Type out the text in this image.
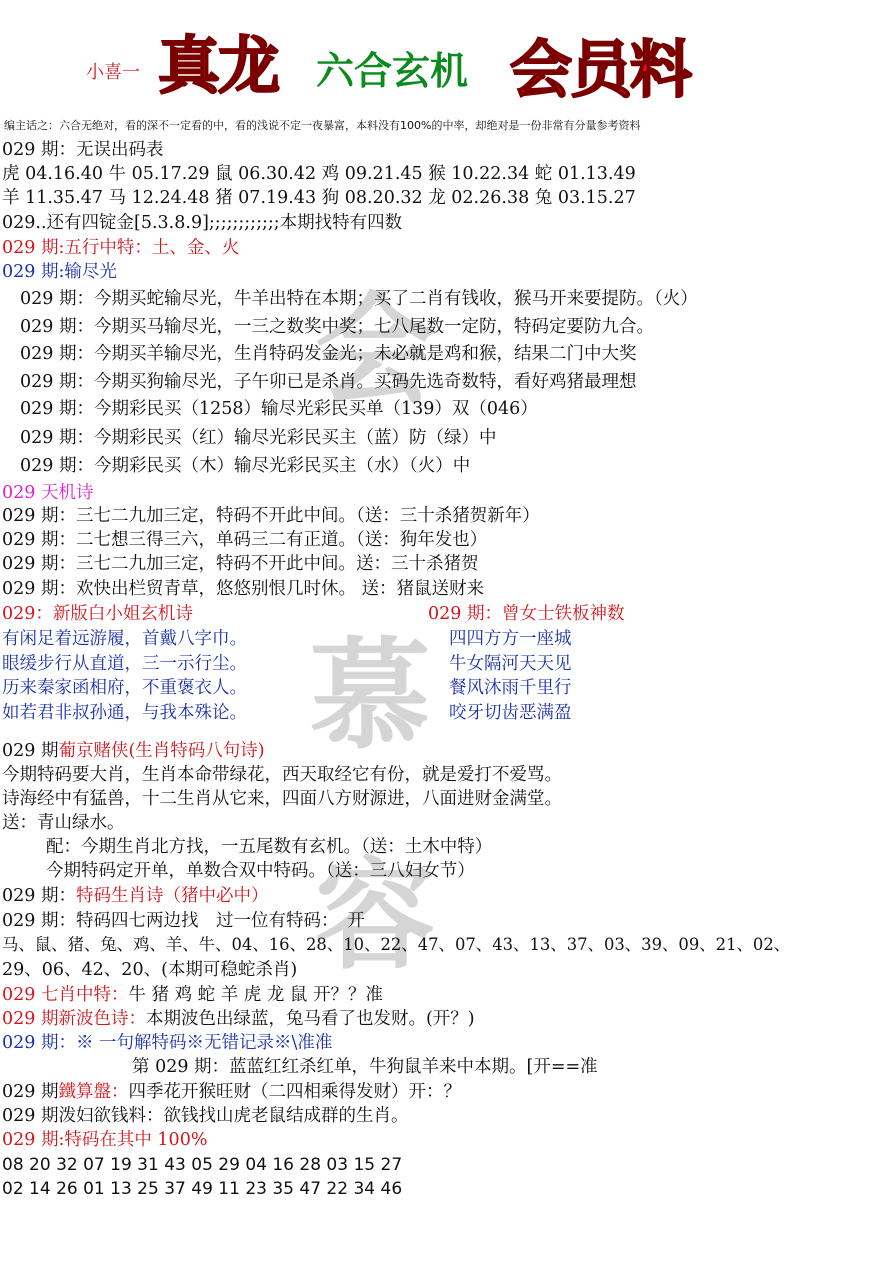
会
慕
容
小喜一 真龙 六合玄机 会员料
编主话之：六合无绝对，看的深不一定看的中，看的浅说不定一夜暴富，本料没有100%的中率，却绝对是一份非常有分量参考资料
029 期：无误出码表
虎 04.16.40 牛 05.17.29 鼠 06.30.42 鸡 09.21.45 猴 10.22.34 蛇 01.13.49
羊 11.35.47 马 12.24.48 猪 07.19.43 狗 08.20.32 龙 02.26.38 兔 03.15.27
029..还有四锭金[5.3.8.9];;;;;;;;;;;;本期找特有四数
029 期:五行中特：土、金、火
029 期:输尽光
029 期：今期买蛇输尽光，牛羊出特在本期；买了二肖有钱收，猴马开来要提防。（火）
029 期：今期买马输尽光，一三之数奖中奖；七八尾数一定防，特码定要防九合。
029 期：今期买羊输尽光，生肖特码发金光；未必就是鸡和猴，结果二门中大奖
029 期：今期买狗输尽光，子午卯已是杀肖。买码先选奇数特，看好鸡猪最理想
029 期：今期彩民买（1258）输尽光彩民买单（139）双（046）
029 期：今期彩民买（红）输尽光彩民买主（蓝）防（绿）中
029 期：今期彩民买（木）输尽光彩民买主（水）（火）中
029 天机诗
029 期：三七二九加三定，特码不开此中间。（送：三十杀猪贺新年）
029 期：二七想三得三六，单码三二有正道。（送：狗年发也）
029 期：三七二九加三定，特码不开此中间。送：三十杀猪贺
029 期：欢快出栏贸青草，悠悠别恨几时休。 送：猪鼠送财来
029：新版白小姐玄机诗	029 期：曾女士铁板神数
有闲足着远游履，首戴八字巾。
眼缓步行从直道，三一示行尘。
历来秦家函相府，不重褒衣人。
如若君非叔孙通，与我本殊论。
四四方方一座城
牛女隔河天天见
餐风沐雨千里行
咬牙切齿恶满盈
029 期葡京赌侠(生肖特码八句诗)
今期特码要大肖，生肖本命带绿花，西天取经它有份，就是爱打不爱骂。
诗海经中有猛兽，十二生肖从它来，四面八方财源进，八面进财金满堂。
送：青山绿水。
配：今期生肖北方找，一五尾数有玄机。（送：土木中特）
今期特码定开单，单数合双中特码。（送：三八妇女节）
029 期：特码生肖诗（猪中必中）
029 期：特码四七两边找　过一位有特码：　开
马、鼠、猪、兔、鸡、羊、牛、04、16、28、10、22、47、07、43、13、37、03、39、09、21、02、
29、06、42、20、(本期可稳蛇杀肖)
029 七肖中特：牛 猪 鸡 蛇 羊 虎 龙 鼠 开？？准
029 期新波色诗：本期波色出绿蓝，兔马看了也发财。(开？)
029 期：※ 一句解特码※无错记录※\准准
第 029 期：蓝蓝红红杀红单，牛狗鼠羊来中本期。[开==准
029 期鐵算盤：四季花开猴旺财（二四相乘得发财）开：？
029 期泼妇欲钱料：欲钱找山虎老鼠结成群的生肖。
029 期:特码在其中 100%
08 20 32 07 19 31 43 05 29 04 16 28 03 15 27
02 14 26 01 13 25 37 49 11 23 35 47 22 34 46
